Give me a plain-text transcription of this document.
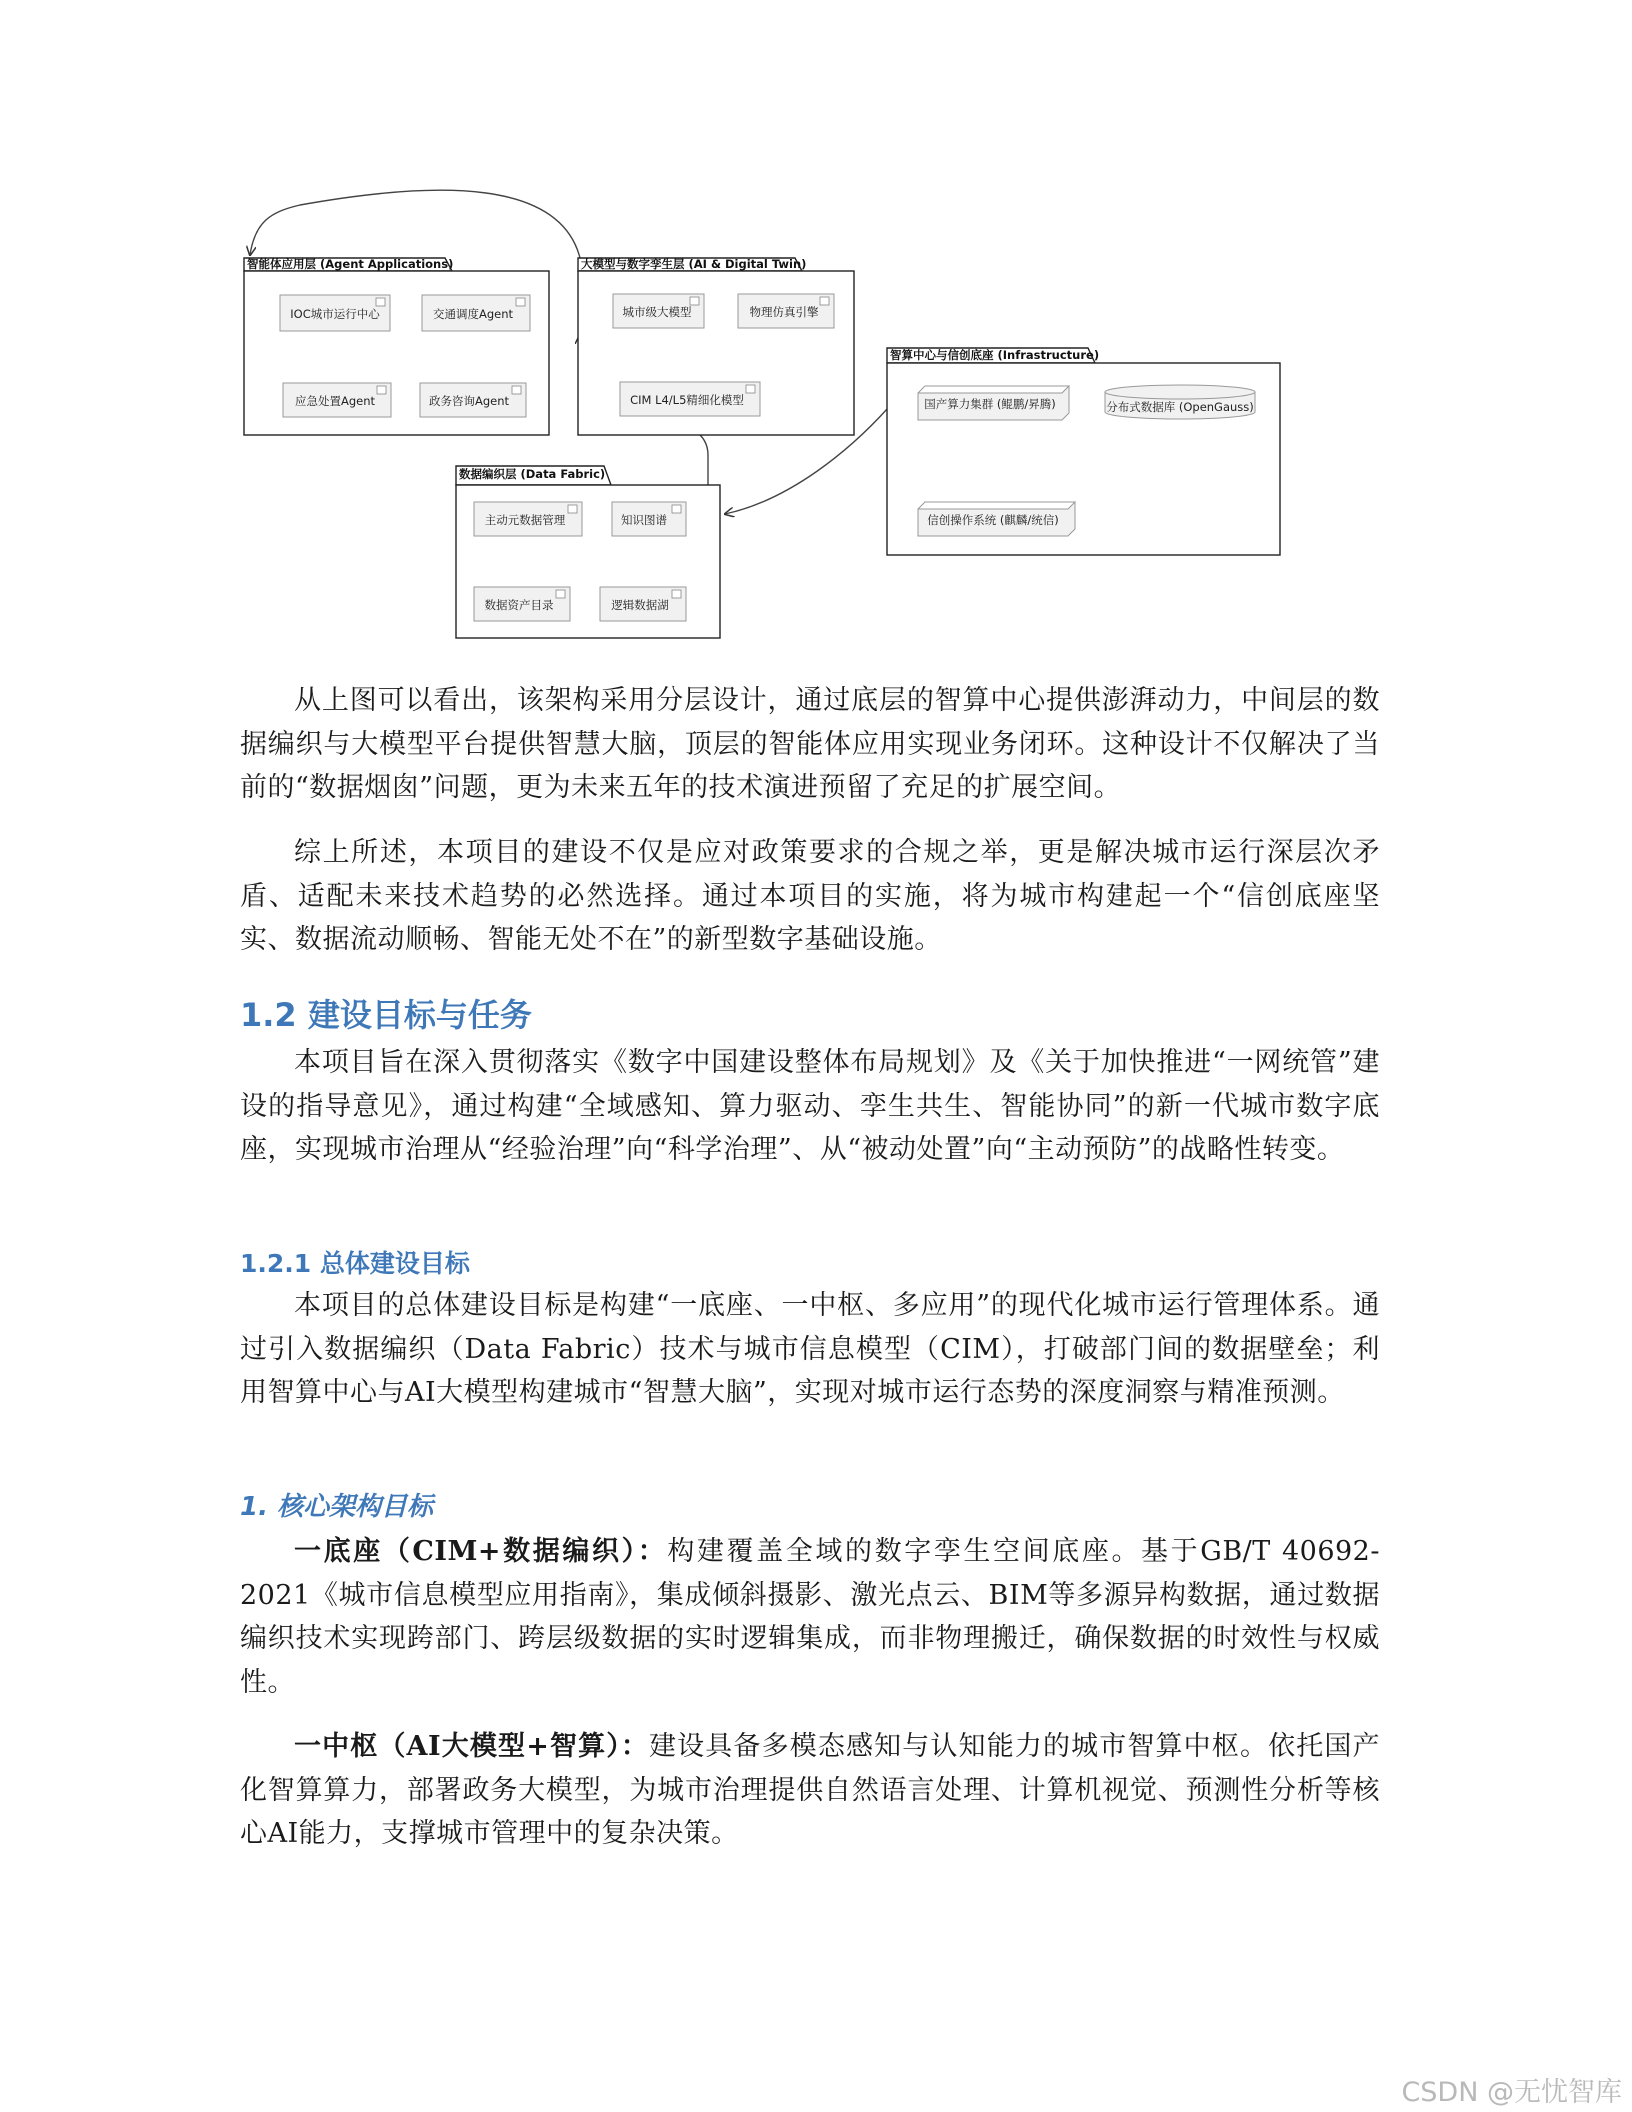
智能体应用层 (Agent Applications)
IOC城市运行中心	交通调度Agent
应急处置Agent	政务咨询Agent
大模型与数字孪生层 (AI & Digital Twin)
城市级大模型	物理仿真引擎
CIM L4/L5精细化模型
智算中心与信创底座 (Infrastructure)
国产算力集群 (鲲鹏/昇腾)	分布式数据库 (OpenGauss)
信创操作系统 (麒麟/统信)
数据编织层 (Data Fabric)
主动元数据管理	知识图谱
数据资产目录	逻辑数据湖

从上图可以看出，该架构采用分层设计，通过底层的智算中心提供澎湃动力，中间层的数据编织与大模型平台提供智慧大脑，顶层的智能体应用实现业务闭环。这种设计不仅解决了当前的“数据烟囱”问题，更为未来五年的技术演进预留了充足的扩展空间。

综上所述，本项目的建设不仅是应对政策要求的合规之举，更是解决城市运行深层次矛盾、适配未来技术趋势的必然选择。通过本项目的实施，将为城市构建起一个“信创底座坚实、数据流动顺畅、智能无处不在”的新型数字基础设施。

1.2 建设目标与任务

本项目旨在深入贯彻落实《数字中国建设整体布局规划》及《关于加快推进“一网统管”建设的指导意见》，通过构建“全域感知、算力驱动、孪生共生、智能协同”的新一代城市数字底座，实现城市治理从“经验治理”向“科学治理”、从“被动处置”向“主动预防”的战略性转变。

1.2.1 总体建设目标

本项目的总体建设目标是构建“一底座、一中枢、多应用”的现代化城市运行管理体系。通过引入数据编织（Data Fabric）技术与城市信息模型（CIM），打破部门间的数据壁垒；利用智算中心与AI大模型构建城市“智慧大脑”，实现对城市运行态势的深度洞察与精准预测。

1. 核心架构目标

一底座（CIM+数据编织）：构建覆盖全域的数字孪生空间底座。基于GB/T 40692-2021《城市信息模型应用指南》，集成倾斜摄影、激光点云、BIM等多源异构数据，通过数据编织技术实现跨部门、跨层级数据的实时逻辑集成，而非物理搬迁，确保数据的时效性与权威性。

一中枢（AI大模型+智算）：建设具备多模态感知与认知能力的城市智算中枢。依托国产化智算算力，部署政务大模型，为城市治理提供自然语言处理、计算机视觉、预测性分析等核心AI能力，支撑城市管理中的复杂决策。

CSDN @无忧智库
